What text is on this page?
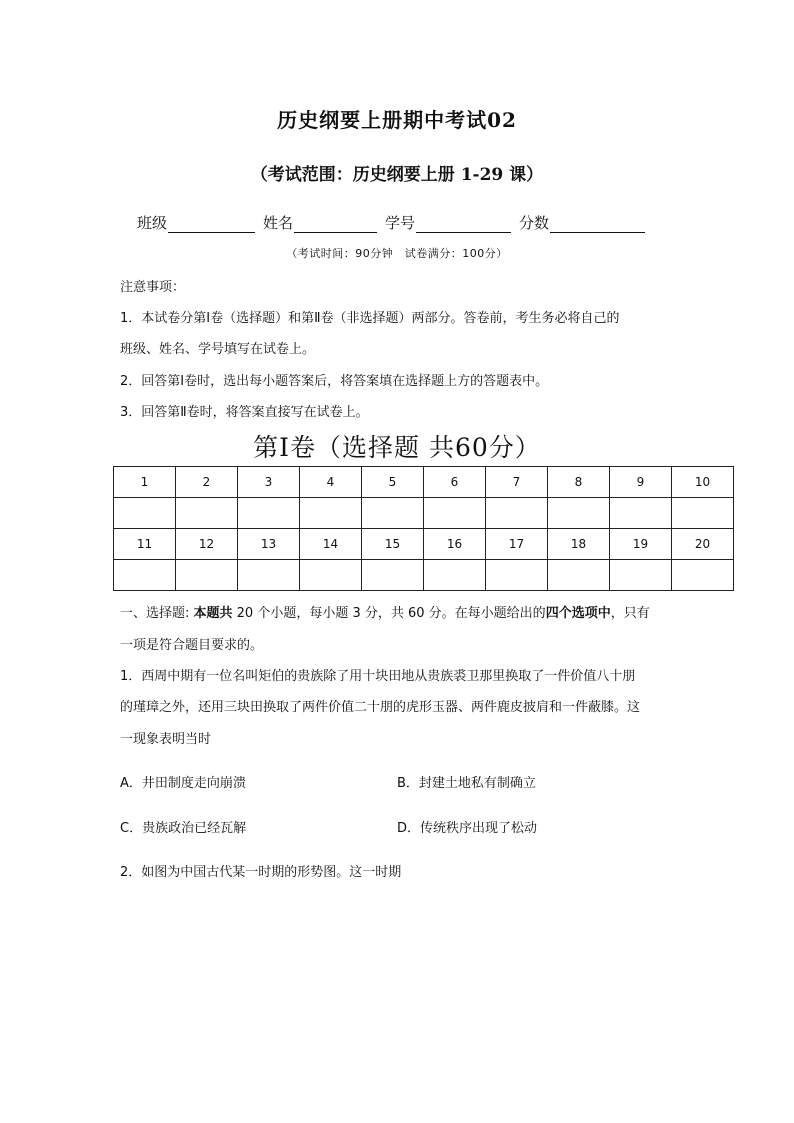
历史纲要上册期中考试02
（考试范围：历史纲要上册 1-29 课）
班级	姓名	学号	分数
（考试时间：90分钟　试卷满分：100分）
注意事项：
1．本试卷分第Ⅰ卷（选择题）和第Ⅱ卷（非选择题）两部分。答卷前，考生务必将自己的
班级、姓名、学号填写在试卷上。
2．回答第Ⅰ卷时，选出每小题答案后，将答案填在选择题上方的答题表中。
3．回答第Ⅱ卷时，将答案直接写在试卷上。
第Ⅰ卷（选择题 共60分）
1	2	3	4	5	6	7	8	9	10

11	12	13	14	15	16	17	18	19	20

一、选择题: 本题共 20 个小题，每小题 3 分，共 60 分。在每小题给出的四个选项中，只有
一项是符合题目要求的。
1．西周中期有一位名叫矩伯的贵族除了用十块田地从贵族裘卫那里换取了一件价值八十朋
的瑾璋之外，还用三块田换取了两件价值二十朋的虎形玉器、两件鹿皮披肩和一件蔽膝。这
一现象表明当时
A．井田制度走向崩溃	B．封建土地私有制确立
C．贵族政治已经瓦解	D．传统秩序出现了松动
2．如图为中国古代某一时期的形势图。这一时期
